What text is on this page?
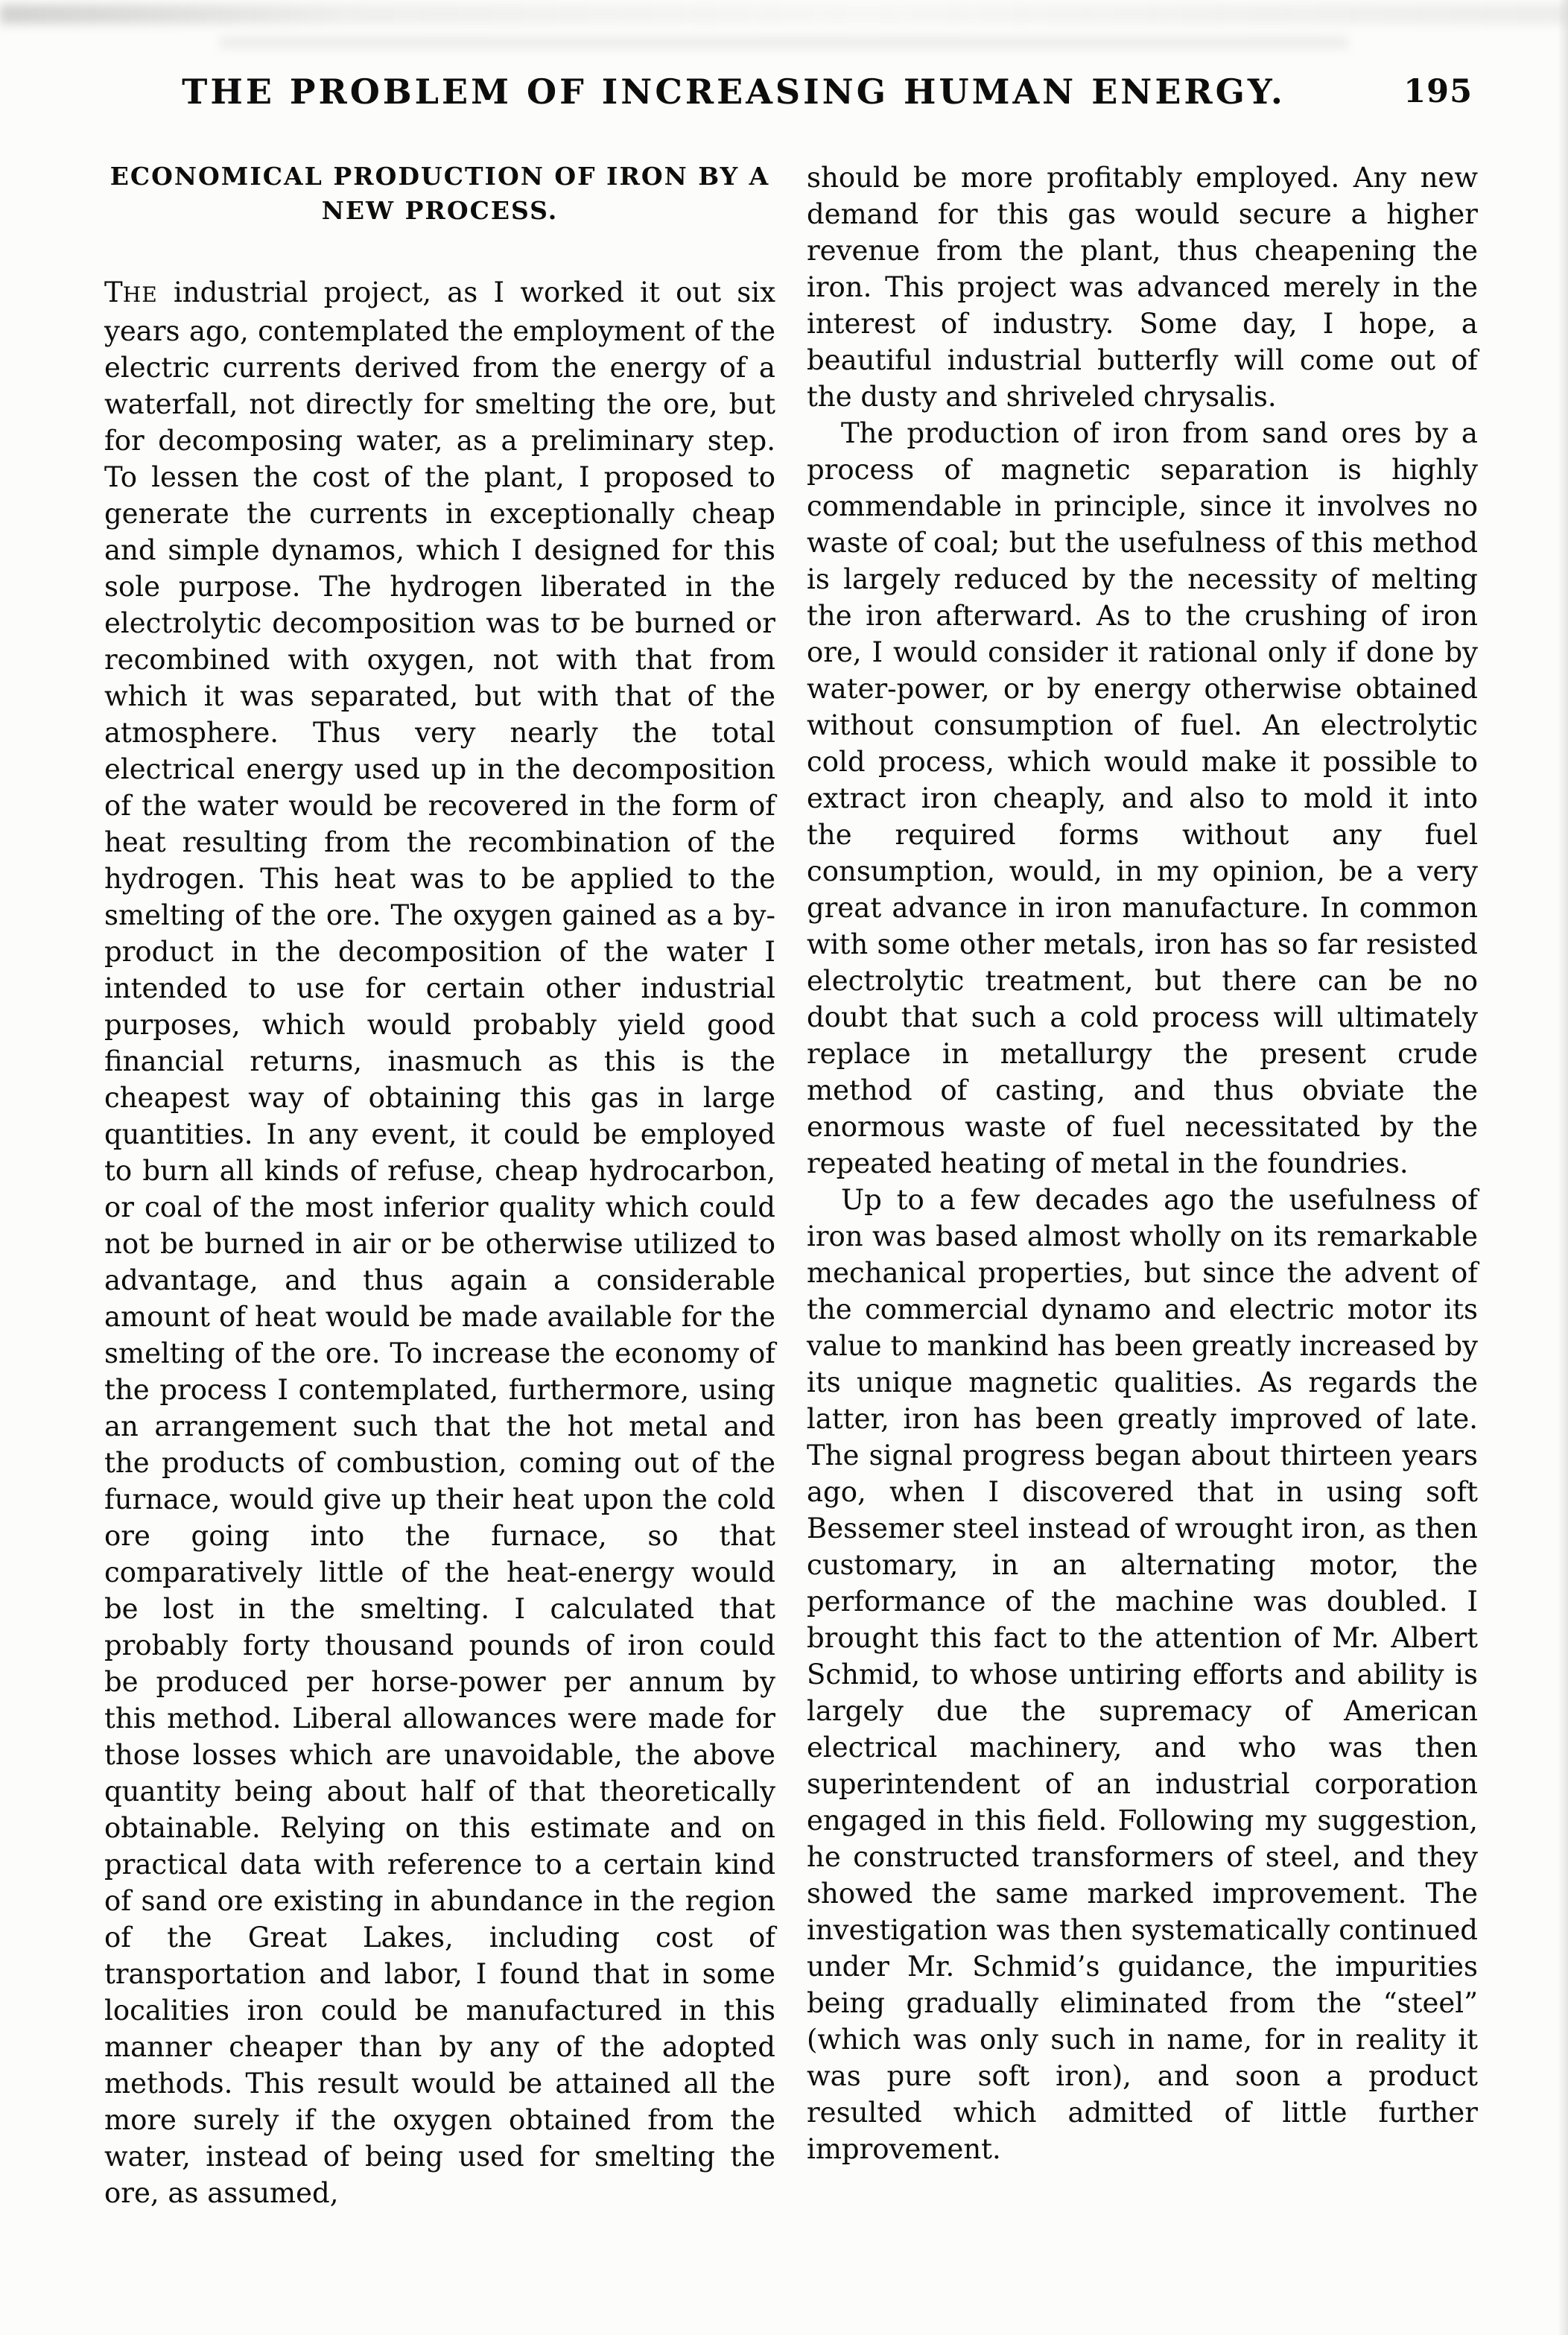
THE PROBLEM OF INCREASING HUMAN ENERGY.	195
ECONOMICAL PRODUCTION OF IRON BY A
NEW PROCESS.

THE industrial project, as I worked it out six years ago, contemplated the employment of the electric currents derived from the energy of a waterfall, not directly for smelting the ore, but for decomposing water, as a preliminary step. To lessen the cost of the plant, I proposed to generate the currents in exceptionally cheap and simple dynamos, which I designed for this sole purpose. The hydrogen liberated in the electrolytic decomposition was tσ be burned or recombined with oxygen, not with that from which it was separated, but with that of the atmosphere. Thus very nearly the total electrical energy used up in the decomposition of the water would be recovered in the form of heat resulting from the recombination of the hydrogen. This heat was to be applied to the smelting of the ore. The oxygen gained as a by-product in the decomposition of the water I intended to use for certain other industrial purposes, which would probably yield good financial returns, inasmuch as this is the cheapest way of obtaining this gas in large quantities. In any event, it could be employed to burn all kinds of refuse, cheap hydrocarbon, or coal of the most inferior quality which could not be burned in air or be otherwise utilized to advantage, and thus again a considerable amount of heat would be made available for the smelting of the ore. To increase the economy of the process I contemplated, furthermore, using an arrangement such that the hot metal and the products of combustion, coming out of the furnace, would give up their heat upon the cold ore going into the furnace, so that comparatively little of the heat-energy would be lost in the smelting. I calculated that probably forty thousand pounds of iron could be produced per horse-power per annum by this method. Liberal allowances were made for those losses which are unavoidable, the above quantity being about half of that theoretically obtainable. Relying on this estimate and on practical data with reference to a certain kind of sand ore existing in abundance in the region of the Great Lakes, including cost of transportation and labor, I found that in some localities iron could be manufactured in this manner cheaper than by any of the adopted methods. This result would be attained all the more surely if the oxygen obtained from the water, instead of being used for smelting the ore, as assumed,

should be more profitably employed. Any new demand for this gas would secure a higher revenue from the plant, thus cheapening the iron. This project was advanced merely in the interest of industry. Some day, I hope, a beautiful industrial butterfly will come out of the dusty and shriveled chrysalis.

The production of iron from sand ores by a process of magnetic separation is highly commendable in principle, since it involves no waste of coal; but the usefulness of this method is largely reduced by the necessity of melting the iron afterward. As to the crushing of iron ore, I would consider it rational only if done by water-power, or by energy otherwise obtained without consumption of fuel. An electrolytic cold process, which would make it possible to extract iron cheaply, and also to mold it into the required forms without any fuel consumption, would, in my opinion, be a very great advance in iron manufacture. In common with some other metals, iron has so far resisted electrolytic treatment, but there can be no doubt that such a cold process will ultimately replace in metallurgy the present crude method of casting, and thus obviate the enormous waste of fuel necessitated by the repeated heating of metal in the foundries.

Up to a few decades ago the usefulness of iron was based almost wholly on its remarkable mechanical properties, but since the advent of the commercial dynamo and electric motor its value to mankind has been greatly increased by its unique magnetic qualities. As regards the latter, iron has been greatly improved of late. The signal progress began about thirteen years ago, when I discovered that in using soft Bessemer steel instead of wrought iron, as then customary, in an alternating motor, the performance of the machine was doubled. I brought this fact to the attention of Mr. Albert Schmid, to whose untiring efforts and ability is largely due the supremacy of American electrical machinery, and who was then superintendent of an industrial corporation engaged in this field. Following my suggestion, he constructed transformers of steel, and they showed the same marked improvement. The investigation was then systematically continued under Mr. Schmid’s guidance, the impurities being gradually eliminated from the “steel” (which was only such in name, for in reality it was pure soft iron), and soon a product resulted which admitted of little further improvement.
